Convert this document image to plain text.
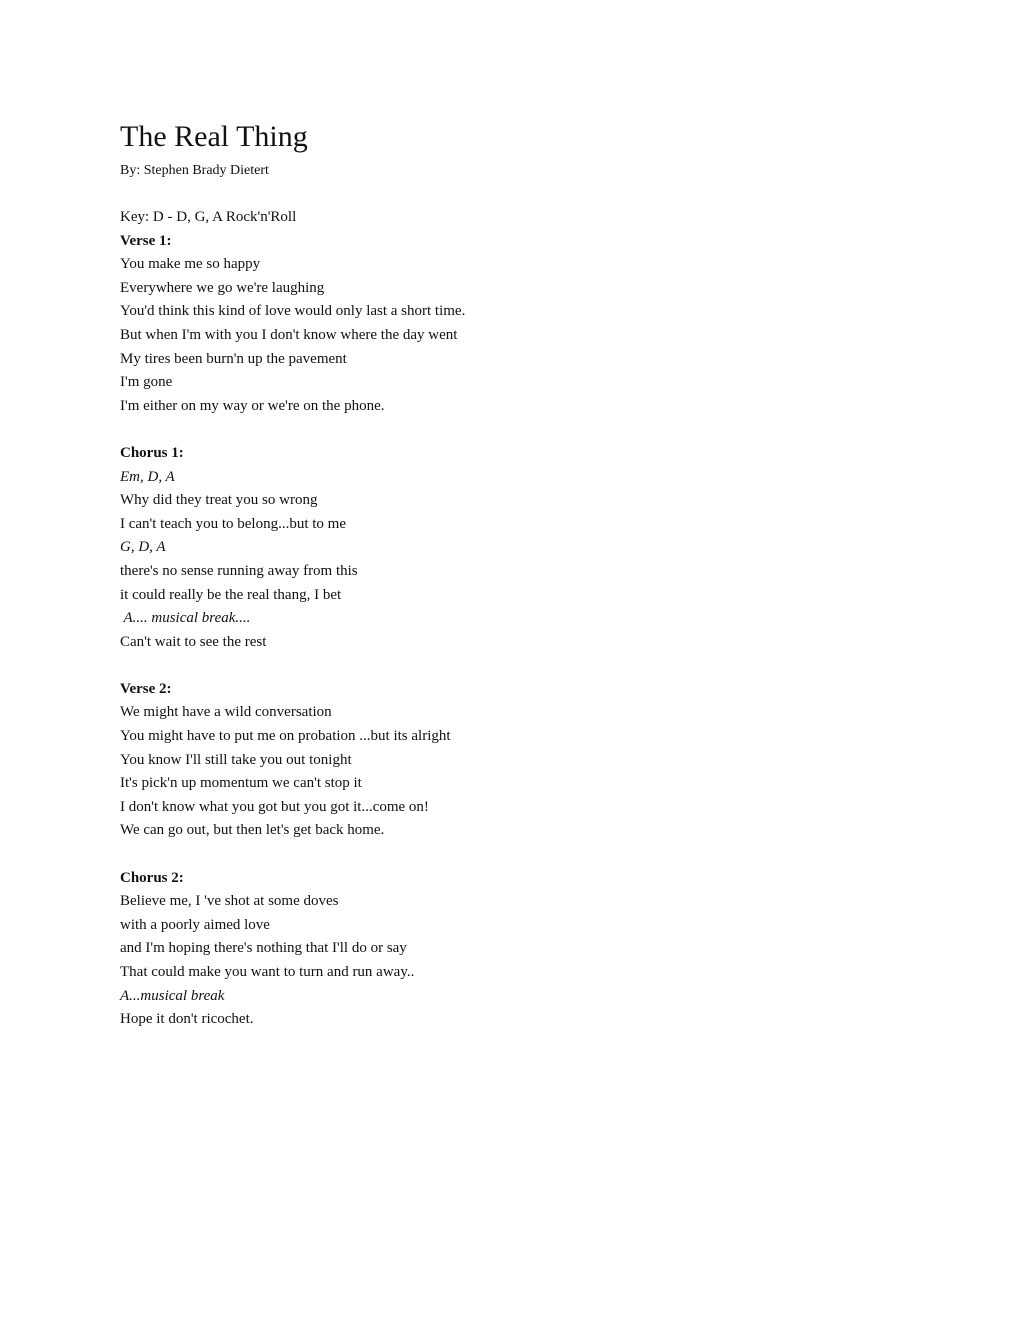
The Real Thing
By: Stephen Brady Dietert
Key: D - D, G, A Rock'n'Roll
Verse 1:
You make me so happy
Everywhere we go we're laughing
You'd think this kind of love would only last a short time.
But when I'm with you I don't know where the day went
My tires been burn'n up the pavement
I'm gone
I'm either on my way or we're on the phone.
Chorus 1:
Em, D, A
Why did they treat you so wrong
I can't teach you to belong...but to me
G, D, A
there's no sense running away from this
it could really be the real thang, I bet
A.... musical break....
Can't wait to see the rest
Verse 2:
We might have a wild conversation
You might have to put me on probation ...but its alright
You know I'll still take you out tonight
It's pick'n up momentum we can't stop it
I don't know what you got but you got it...come on!
We can go out, but then let's get back home.
Chorus 2:
Believe me, I 've shot at some doves
with a poorly aimed love
and I'm hoping there's nothing that I'll do or say
That could make you want to turn and run away..
A...musical break
Hope it don't ricochet.
